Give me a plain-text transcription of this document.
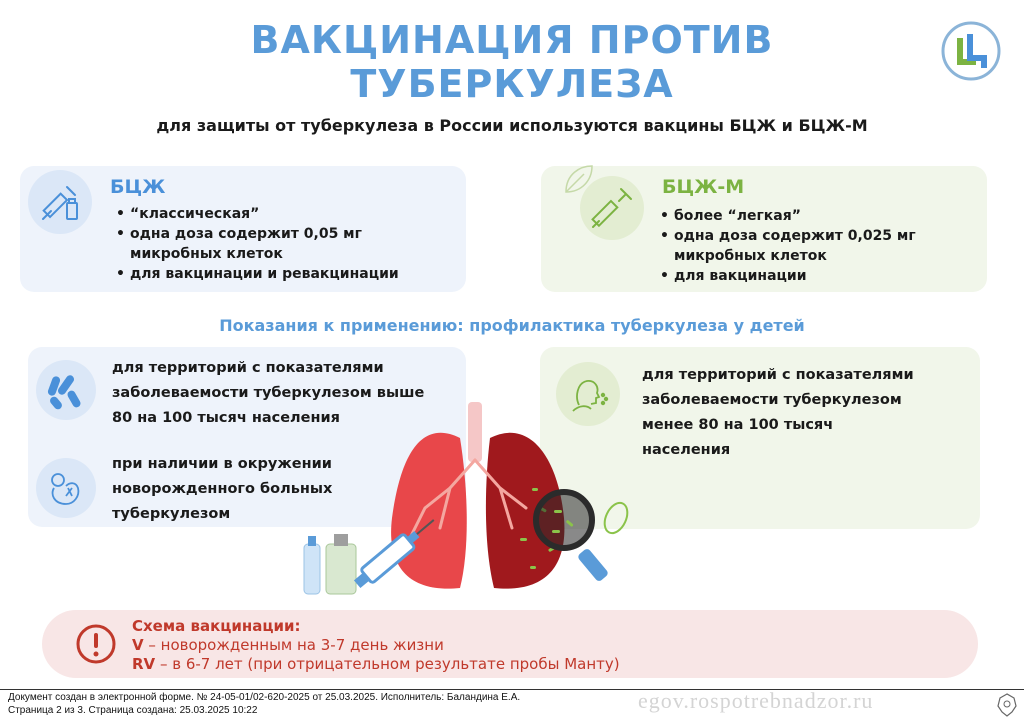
ВАКЦИНАЦИЯ ПРОТИВ
ТУБЕРКУЛЕЗА
для защиты от туберкулеза в России используются вакцины БЦЖ и БЦЖ-М
БЦЖ
• “классическая”
• одна доза содержит 0,05 мг
микробных клеток
• для вакцинации и ревакцинации
БЦЖ-М
• более “легкая”
• одна доза содержит 0,025 мг
микробных клеток
• для вакцинации
Показания к применению: профилактика туберкулеза у детей
для территорий с показателями
заболеваемости туберкулезом выше
80 на 100 тысяч населения
при наличии в окружении
новорожденного больных
туберкулезом
для территорий с показателями
заболеваемости туберкулезом
менее 80 на 100 тысяч
населения
Схема вакцинации:
V – новорожденным на 3-7 день жизни
RV – в 6-7 лет (при отрицательном результате пробы Манту)
egov.rospotrebnadzor.ru
Документ создан в электронной форме. № 24-05-01/02-620-2025 от 25.03.2025. Исполнитель: Баландина Е.А.
Страница 2 из 3. Страница создана: 25.03.2025 10:22
